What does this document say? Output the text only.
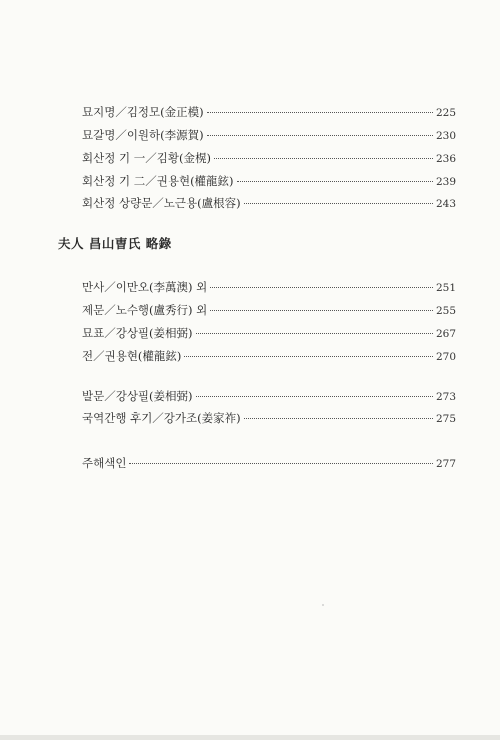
묘지명／김정모(金正模)	225
묘갈명／이원하(李源賀)	230
회산정 기 一／김황(金榥)	236
회산정 기 二／권용현(權龍鉉)	239
회산정 상량문／노근용(盧根容)	243
夫人 昌山曺氏 略錄
만사／이만오(李萬澳) 외	251
제문／노수행(盧秀行) 외	255
묘표／강상필(姜相弼)	267
전／권용현(權龍鉉)	270
발문／강상필(姜相弼)	273
국역간행 후기／강가조(姜家祚)	275
주해색인	277
